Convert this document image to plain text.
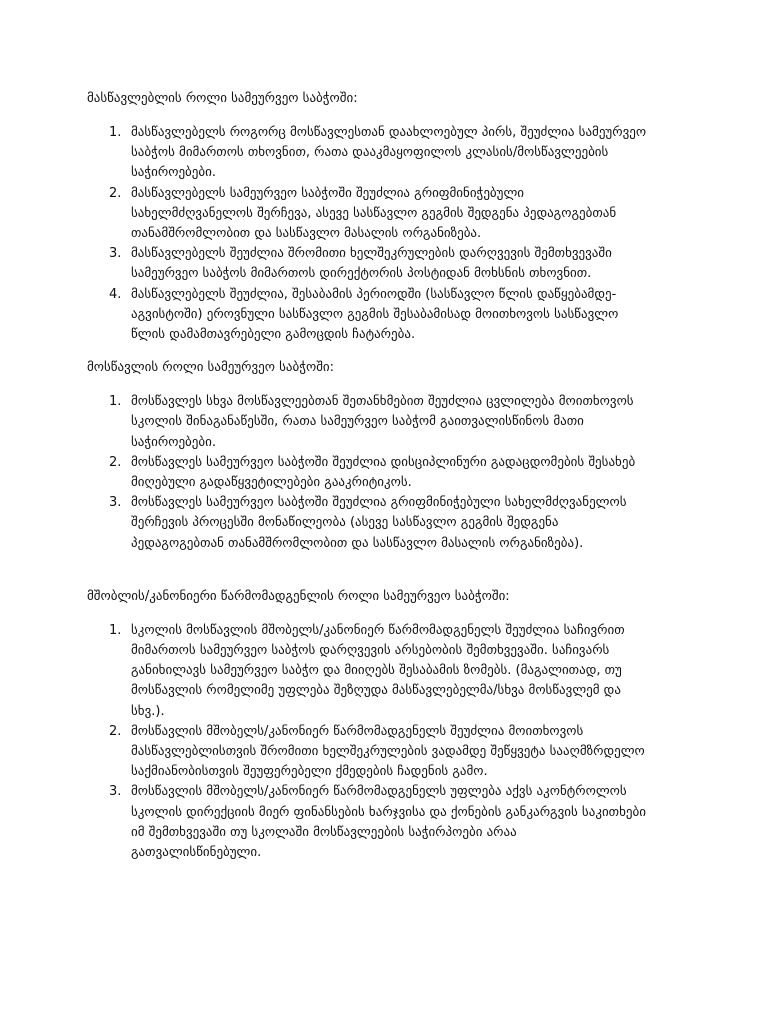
მასწავლებლის როლი სამეურვეო საბჭოში:

1. მასწავლებელს როგორც მოსწავლესთან დაახლოებულ პირს, შეუძლია სამეურვეო
საბჭოს მიმართოს თხოვნით, რათა დააკმაყოფილოს კლასის/მოსწავლეების
საჭიროებები.
2. მასწავლებელს სამეურვეო საბჭოში შეუძლია გრიფმინიჭებული
სახელმძღვანელოს შერჩევა, ასევე სასწავლო გეგმის შედგენა პედაგოგებთან
თანამშრომლობით და სასწავლო მასალის ორგანიზება.
3. მასწავლებელს შეუძლია შრომითი ხელშეკრულების დარღვევის შემთხვევაში
სამეურვეო საბჭოს მიმართოს დირექტორის პოსტიდან მოხსნის თხოვნით.
4. მასწავლებელს შეუძლია, შესაბამის პერიოდში (სასწავლო წლის დაწყებამდე-
აგვისტოში) ეროვნული სასწავლო გეგმის შესაბამისად მოითხოვოს სასწავლო
წლის დამამთავრებელი გამოცდის ჩატარება.

მოსწავლის როლი სამეურვეო საბჭოში:

1. მოსწავლეს სხვა მოსწავლეებთან შეთანხმებით შეუძლია ცვლილება მოითხოვოს
სკოლის შინაგანაწესში, რათა სამეურვეო საბჭომ გაითვალისწინოს მათი
საჭიროებები.
2. მოსწავლეს სამეურვეო საბჭოში შეუძლია დისციპლინური გადაცდომების შესახებ
მიღებული გადაწყვეტილებები გააკრიტიკოს.
3. მოსწავლეს სამეურვეო საბჭოში შეუძლია გრიფმინიჭებული სახელმძღვანელოს
შერჩევის პროცესში მონაწილეობა (ასევე სასწავლო გეგმის შედგენა
პედაგოგებთან თანამშრომლობით და სასწავლო მასალის ორგანიზება).

მშობლის/კანონიერი წარმომადგენლის როლი სამეურვეო საბჭოში:

1. სკოლის მოსწავლის მშობელს/კანონიერ წარმომადგენელს შეუძლია საჩივრით
მიმართოს სამეურვეო საბჭოს დარღვევის არსებობის შემთხვევაში. საჩივარს
განიხილავს სამეურვეო საბჭო და მიიღებს შესაბამის ზომებს. (მაგალითად, თუ
მოსწავლის რომელიმე უფლება შეზღუდა მასწავლებელმა/სხვა მოსწავლემ და
სხვ.).
2. მოსწავლის მშობელს/კანონიერ წარმომადგენელს შეუძლია მოითხოვოს
მასწავლებლისთვის შრომითი ხელშეკრულების ვადამდე შეწყვეტა სააღმზრდელო
საქმიანობისთვის შეუფერებელი ქმედების ჩადენის გამო.
3. მოსწავლის მშობელს/კანონიერ წარმომადგენელს უფლება აქვს აკონტროლოს
სკოლის დირექციის მიერ ფინანსების ხარჯვისა და ქონების განკარგვის საკითხები
იმ შემთხვევაში თუ სკოლაში მოსწავლეების საჭირპოები არაა
გათვალისწინებული.
